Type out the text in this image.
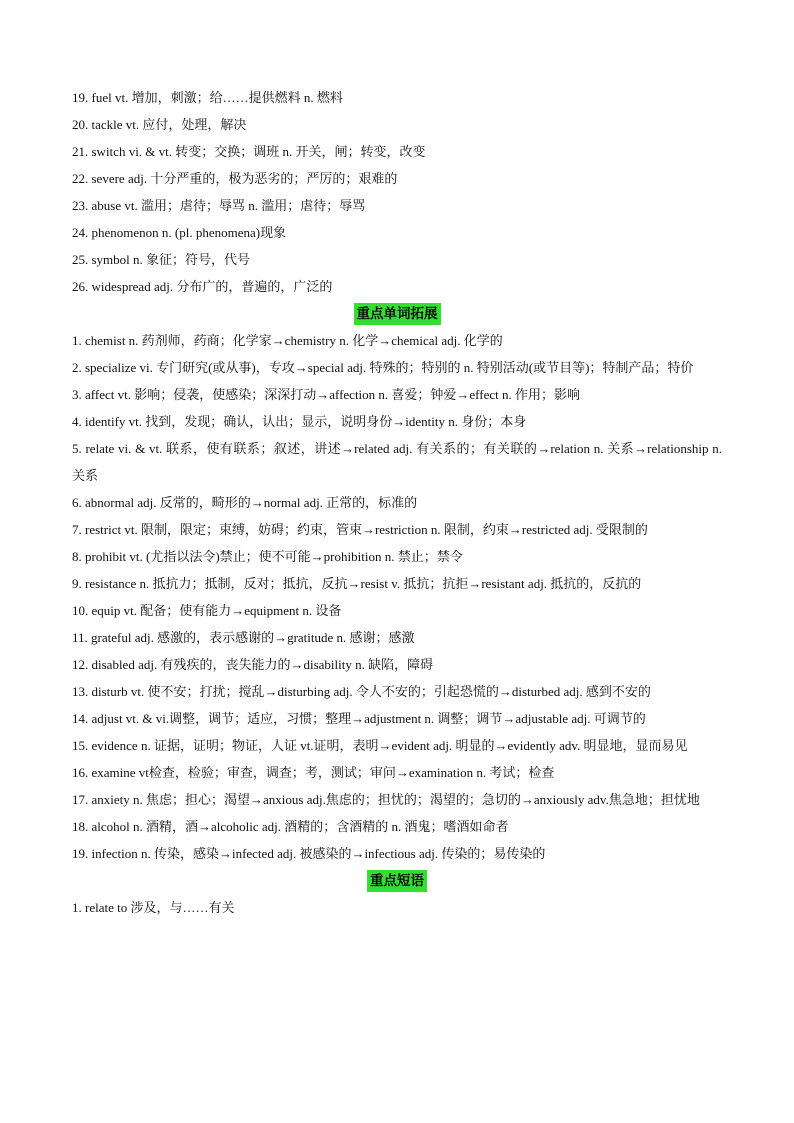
19. fuel vt. 增加，刺激；给……提供燃料 n. 燃料
20. tackle vt. 应付，处理，解决
21. switch vi. & vt. 转变；交换；调班 n. 开关，闸；转变，改变
22. severe adj. 十分严重的，极为恶劣的；严厉的；艰难的
23. abuse vt. 滥用；虐待；辱骂 n. 滥用；虐待；辱骂
24. phenomenon n. (pl. phenomena)现象
25. symbol n. 象征；符号，代号
26. widespread adj. 分布广的，普遍的，广泛的
重点单词拓展
1. chemist n. 药剂师，药商；化学家→chemistry n. 化学→chemical adj. 化学的
2. specialize vi. 专门研究(或从事)，专攻→special adj. 特殊的；特别的 n. 特别活动(或节目等)；特制产品；特价
3. affect vt. 影响；侵袭，使感染；深深打动→affection n. 喜爱；钟爱→effect n. 作用；影响
4. identify vt. 找到，发现；确认，认出；显示，说明身份→identity n. 身份；本身
5. relate vi. & vt. 联系，使有联系；叙述，讲述→related adj. 有关系的；有关联的→relation n. 关系→relationship n. 关系
6. abnormal adj. 反常的，畸形的→normal adj. 正常的，标准的
7. restrict vt. 限制，限定；束缚，妨碍；约束，管束→restriction n. 限制，约束→restricted adj. 受限制的
8. prohibit vt. (尤指以法令)禁止；使不可能→prohibition n. 禁止；禁令
9. resistance n. 抵抗力；抵制，反对；抵抗，反抗→resist v. 抵抗；抗拒→resistant adj. 抵抗的，反抗的
10. equip vt. 配备；使有能力→equipment n. 设备
11. grateful adj. 感激的，表示感谢的→gratitude n. 感谢；感激
12. disabled adj. 有残疾的，丧失能力的→disability n. 缺陷，障碍
13. disturb vt. 使不安；打扰；搅乱→disturbing adj. 令人不安的；引起恐慌的→disturbed adj. 感到不安的
14. adjust vt. & vi.调整，调节；适应，习惯；整理→adjustment n. 调整；调节→adjustable adj. 可调节的
15. evidence n. 证据，证明；物证，人证 vt.证明，表明→evident adj. 明显的→evidently adv. 明显地，显而易见
16. examine vt检查，检验；审查，调查；考，测试；审问→examination n. 考试；检查
17. anxiety n. 焦虑；担心；渴望→anxious adj.焦虑的；担忧的；渴望的；急切的→anxiously adv.焦急地；担忧地
18. alcohol n. 酒精，酒→alcoholic adj. 酒精的；含酒精的 n. 酒鬼；嗜酒如命者
19. infection n. 传染，感染→infected adj. 被感染的→infectious adj. 传染的；易传染的
重点短语
1. relate to 涉及，与……有关
